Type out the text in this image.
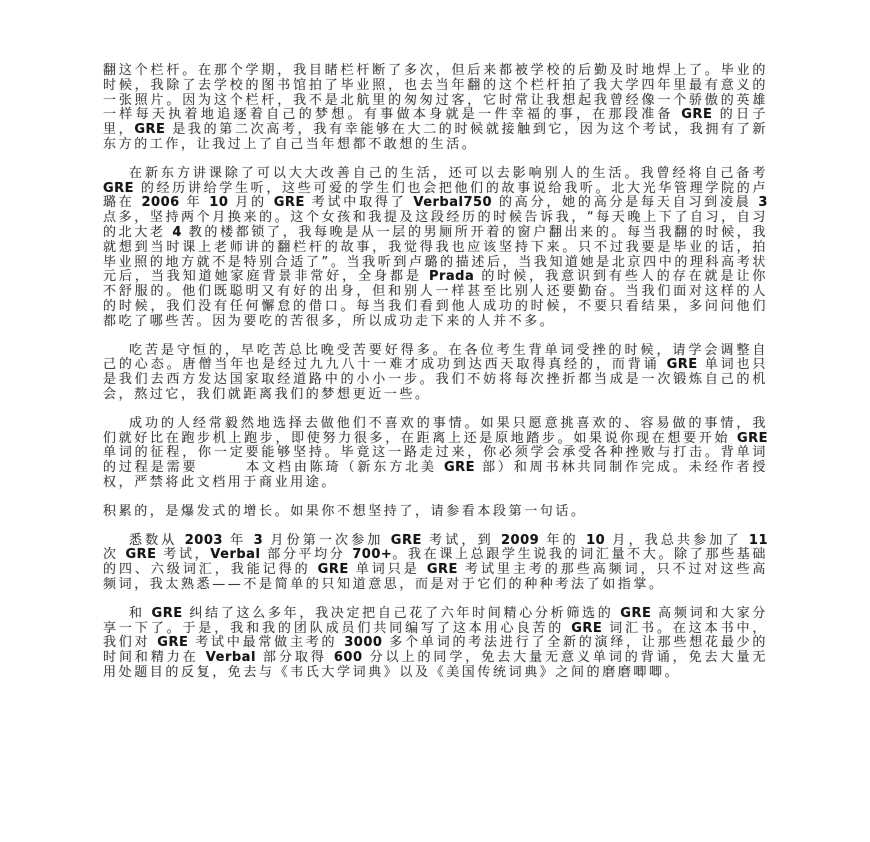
翻这个栏杆。在那个学期，我目睹栏杆断了多次，但后来都被学校的后勤及时地焊上了。毕业的时候，我除了去学校的图书馆拍了毕业照，也去当年翻的这个栏杆拍了我大学四年里最有意义的一张照片。因为这个栏杆，我不是北航里的匆匆过客，它时常让我想起我曾经像一个骄傲的英雄一样每天执着地追逐着自己的梦想。有事做本身就是一件幸福的事，在那段准备 GRE 的日子里，GRE 是我的第二次高考，我有幸能够在大二的时候就接触到它，因为这个考试，我拥有了新东方的工作，让我过上了自己当年想都不敢想的生活。

在新东方讲课除了可以大大改善自己的生活，还可以去影响别人的生活。我曾经将自己备考 GRE 的经历讲给学生听，这些可爱的学生们也会把他们的故事说给我听。北大光华管理学院的卢璐在 2006 年 10 月的 GRE 考试中取得了 Verbal750 的高分，她的高分是每天自习到凌晨 3 点多，坚持两个月换来的。这个女孩和我提及这段经历的时候告诉我，“每天晚上下了自习，自习的北大老 4 教的楼都锁了，我每晚是从一层的男厕所开着的窗户翻出来的。每当我翻的时候，我就想到当时课上老师讲的翻栏杆的故事，我觉得我也应该坚持下来。只不过我要是毕业的话，拍毕业照的地方就不是特别合适了”。当我听到卢璐的描述后，当我知道她是北京四中的理科高考状元后，当我知道她家庭背景非常好，全身都是 Prada 的时候，我意识到有些人的存在就是让你不舒服的。他们既聪明又有好的出身，但和别人一样甚至比别人还要勤奋。当我们面对这样的人的时候，我们没有任何懈怠的借口。每当我们看到他人成功的时候，不要只看结果，多问问他们都吃了哪些苦。因为要吃的苦很多，所以成功走下来的人并不多。

吃苦是守恒的，早吃苦总比晚受苦要好得多。在各位考生背单词受挫的时候，请学会调整自己的心态。唐僧当年也是经过九九八十一难才成功到达西天取得真经的，而背诵 GRE 单词也只是我们去西方发达国家取经道路中的小小一步。我们不妨将每次挫折都当成是一次锻炼自己的机会，熬过它，我们就距离我们的梦想更近一些。

成功的人经常毅然地选择去做他们不喜欢的事情。如果只愿意挑喜欢的、容易做的事情，我们就好比在跑步机上跑步，即使努力很多，在距离上还是原地踏步。如果说你现在想要开始 GRE 单词的征程，你一定要能够坚持。毕竟这一路走过来，你必须学会承受各种挫败与打击。背单词的过程是需要　　　本文档由陈琦（新东方北美 GRE 部）和周书林共同制作完成。未经作者授权，严禁将此文档用于商业用途。

积累的，是爆发式的增长。如果你不想坚持了，请参看本段第一句话。

悉数从 2003 年 3 月份第一次参加 GRE 考试，到 2009 年的 10 月，我总共参加了 11 次 GRE 考试，Verbal 部分平均分 700+。我在课上总跟学生说我的词汇量不大。除了那些基础的四、六级词汇，我能记得的 GRE 单词只是 GRE 考试里主考的那些高频词，只不过对这些高频词，我太熟悉——不是简单的只知道意思，而是对于它们的种种考法了如指掌。

和 GRE 纠结了这么多年，我决定把自己花了六年时间精心分析筛选的 GRE 高频词和大家分享一下了。于是，我和我的团队成员们共同编写了这本用心良苦的 GRE 词汇书。在这本书中，我们对 GRE 考试中最常做主考的 3000 多个单词的考法进行了全新的演绎，让那些想花最少的时间和精力在 Verbal 部分取得 600 分以上的同学，免去大量无意义单词的背诵，免去大量无用处题目的反复，免去与《韦氏大学词典》以及《美国传统词典》之间的磨磨唧唧。
